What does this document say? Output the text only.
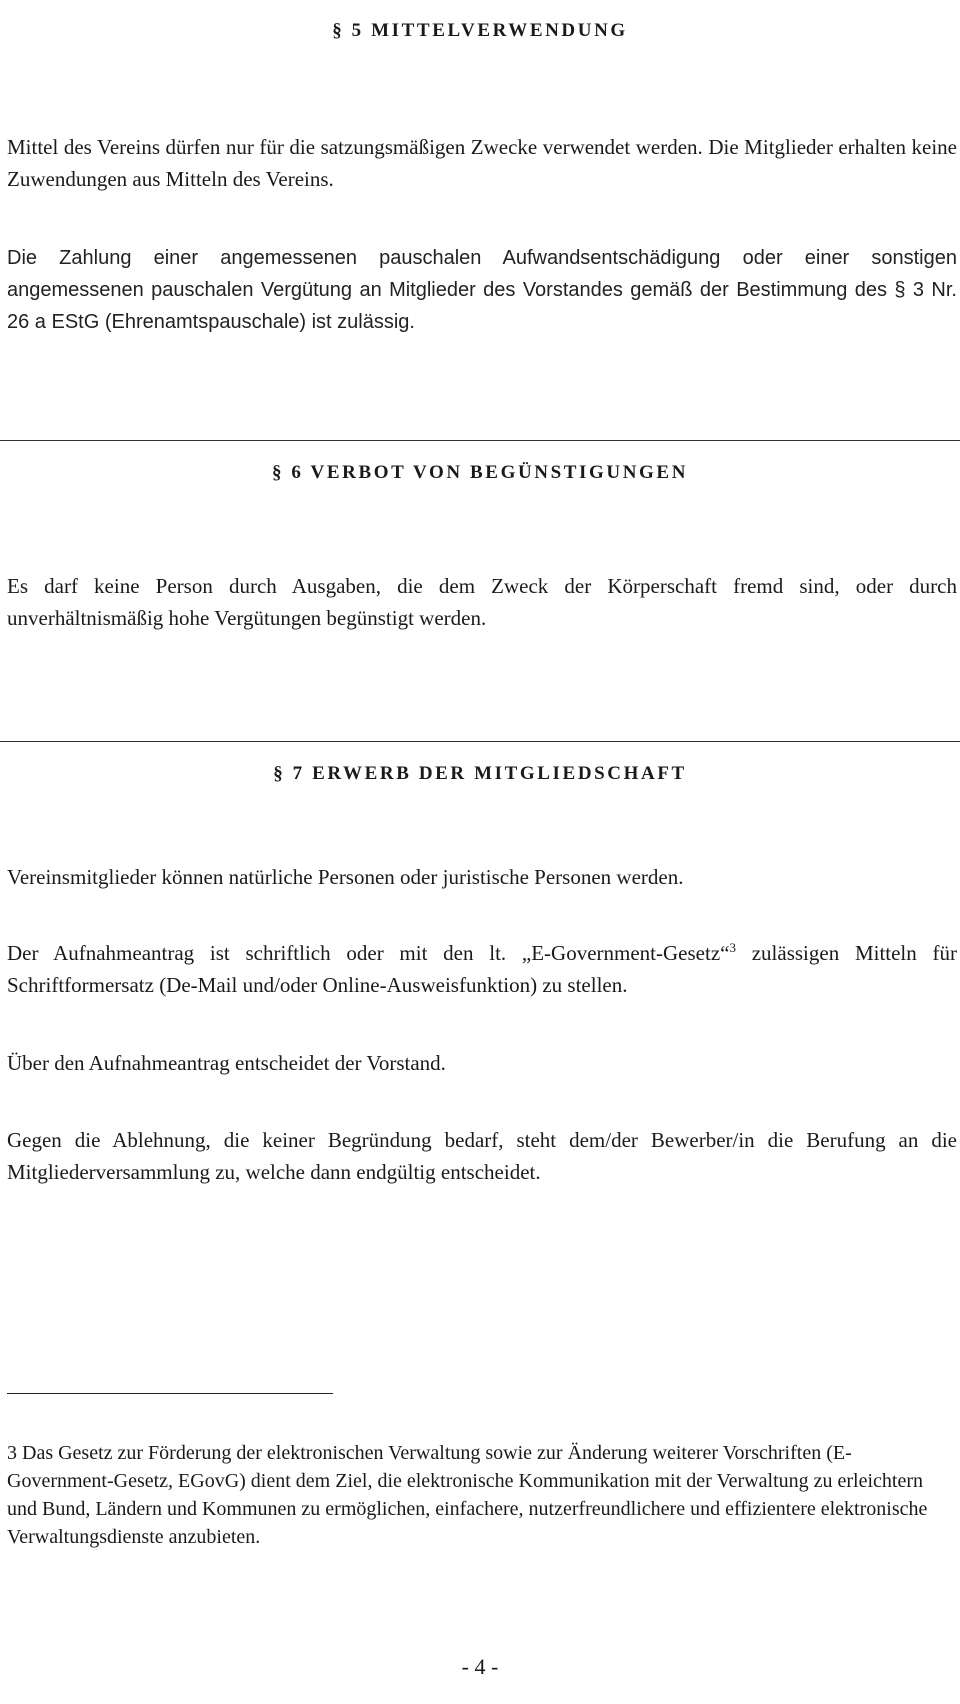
§ 5 MITTELVERWENDUNG

Mittel des Vereins dürfen nur für die satzungsmäßigen Zwecke verwendet werden. Die Mitglieder erhalten keine Zuwendungen aus Mitteln des Vereins.

Die Zahlung einer angemessenen pauschalen Aufwandsentschädigung oder einer sonstigen angemessenen pauschalen Vergütung an Mitglieder des Vorstandes gemäß der Bestimmung des § 3 Nr. 26 a EStG (Ehrenamtspauschale) ist zulässig.

§ 6 VERBOT VON BEGÜNSTIGUNGEN

Es darf keine Person durch Ausgaben, die dem Zweck der Körperschaft fremd sind, oder durch unverhältnismäßig hohe Vergütungen begünstigt werden.

§ 7 ERWERB DER MITGLIEDSCHAFT

Vereinsmitglieder können natürliche Personen oder juristische Personen werden.

Der Aufnahmeantrag ist schriftlich oder mit den lt. „E-Government-Gesetz“$^3$ zulässigen Mitteln für Schriftformersatz (De-Mail und/oder Online-Ausweisfunktion) zu stellen.

Über den Aufnahmeantrag entscheidet der Vorstand.

Gegen die Ablehnung, die keiner Begründung bedarf, steht dem/der Bewerber/in die Berufung an die Mitgliederversammlung zu, welche dann endgültig entscheidet.

3 Das Gesetz zur Förderung der elektronischen Verwaltung sowie zur Änderung weiterer Vorschriften (E-Government-Gesetz, EGovG) dient dem Ziel, die elektronische Kommunikation mit der Verwaltung zu erleichtern und Bund, Ländern und Kommunen zu ermöglichen, einfachere, nutzerfreundlichere und effizientere elektronische Verwaltungsdienste anzubieten.

- 4 -
